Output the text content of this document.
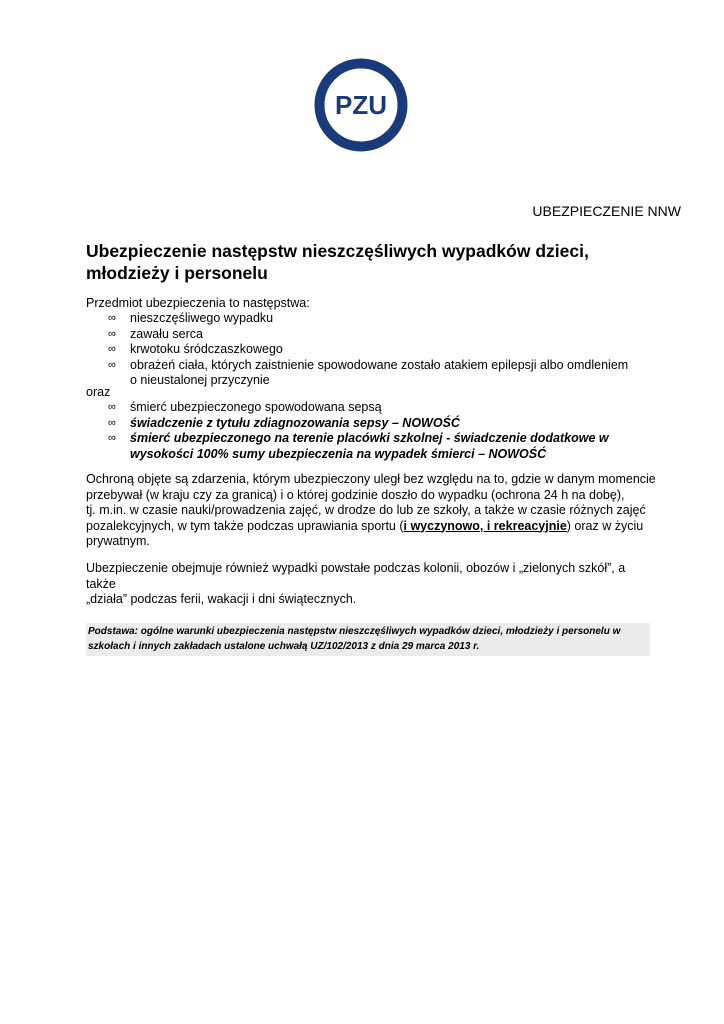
PZU
UBEZPIECZENIE NNW
Ubezpieczenie następstw nieszczęśliwych wypadków dzieci,
młodzieży i personelu
Przedmiot ubezpieczenia to następstwa:
∞ nieszczęśliwego wypadku
∞ zawału serca
∞ krwotoku śródczaszkowego
∞ obrażeń ciała, których zaistnienie spowodowane zostało atakiem epilepsji albo omdleniem
o nieustalonej przyczynie
oraz
∞ śmierć ubezpieczonego spowodowana sepsą
∞ świadczenie z tytułu zdiagnozowania sepsy – NOWOŚĆ
∞ śmierć ubezpieczonego na terenie placówki szkolnej - świadczenie dodatkowe w
wysokości 100% sumy ubezpieczenia na wypadek śmierci – NOWOŚĆ

Ochroną objęte są zdarzenia, którym ubezpieczony uległ bez względu na to, gdzie w danym momencie
przebywał (w kraju czy za granicą) i o której godzinie doszło do wypadku (ochrona 24 h na dobę),
tj. m.in. w czasie nauki/prowadzenia zajęć, w drodze do lub ze szkoły, a także w czasie różnych zajęć
pozalekcyjnych, w tym także podczas uprawiania sportu (i wyczynowo, i rekreacyjnie) oraz w życiu
prywatnym.

Ubezpieczenie obejmuje również wypadki powstałe podczas kolonii, obozów i „zielonych szkół”, a także
„działa” podczas ferii, wakacji i dni świątecznych.

Podstawa: ogólne warunki ubezpieczenia następstw nieszczęśliwych wypadków dzieci, młodzieży i personelu w
szkołach i innych zakładach ustalone uchwałą UZ/102/2013 z dnia 29 marca 2013 r.
